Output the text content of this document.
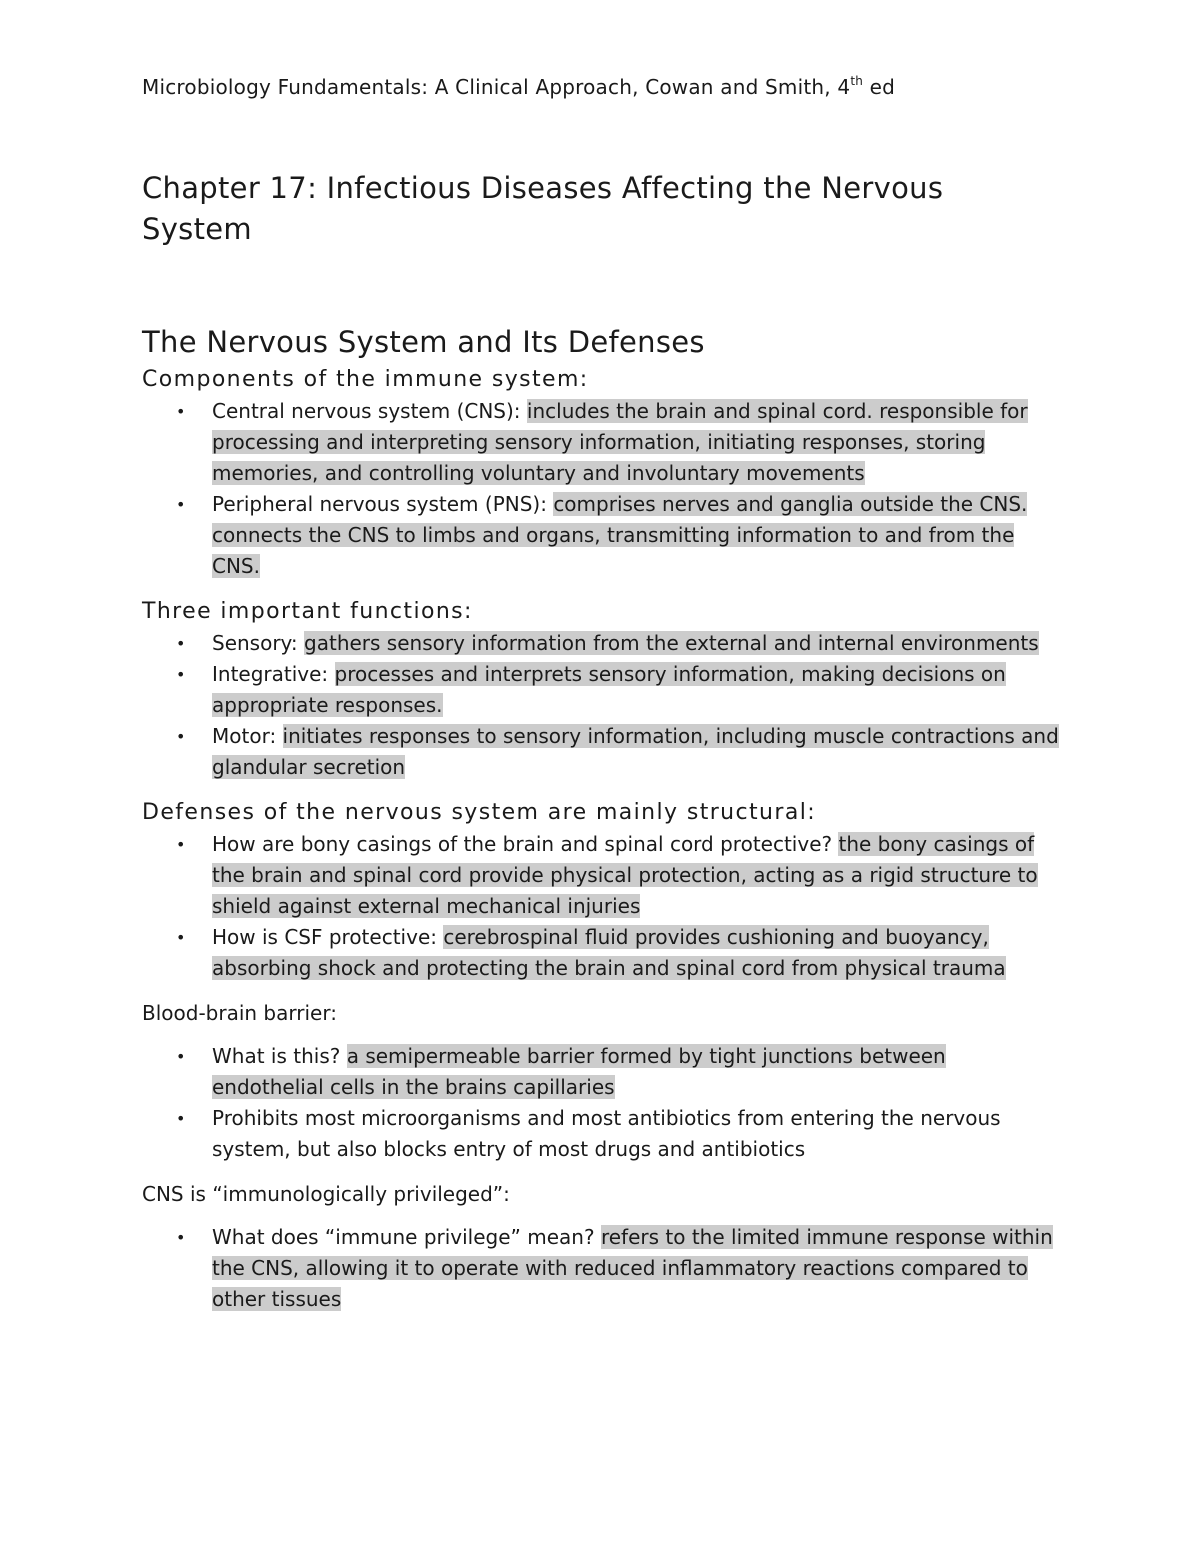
Microbiology Fundamentals: A Clinical Approach, Cowan and Smith, 4th ed
Chapter 17: Infectious Diseases Affecting the Nervous System
The Nervous System and Its Defenses
Components of the immune system:
• Central nervous system (CNS): includes the brain and spinal cord. responsible for processing and interpreting sensory information, initiating responses, storing memories, and controlling voluntary and involuntary movements
• Peripheral nervous system (PNS): comprises nerves and ganglia outside the CNS. connects the CNS to limbs and organs, transmitting information to and from the CNS.
Three important functions:
• Sensory: gathers sensory information from the external and internal environments
• Integrative: processes and interprets sensory information, making decisions on appropriate responses.
• Motor: initiates responses to sensory information, including muscle contractions and glandular secretion
Defenses of the nervous system are mainly structural:
• How are bony casings of the brain and spinal cord protective? the bony casings of the brain and spinal cord provide physical protection, acting as a rigid structure to shield against external mechanical injuries
• How is CSF protective: cerebrospinal fluid provides cushioning and buoyancy, absorbing shock and protecting the brain and spinal cord from physical trauma
Blood-brain barrier:
• What is this? a semipermeable barrier formed by tight junctions between endothelial cells in the brains capillaries
• Prohibits most microorganisms and most antibiotics from entering the nervous system, but also blocks entry of most drugs and antibiotics
CNS is “immunologically privileged”:
• What does “immune privilege” mean? refers to the limited immune response within the CNS, allowing it to operate with reduced inflammatory reactions compared to other tissues
